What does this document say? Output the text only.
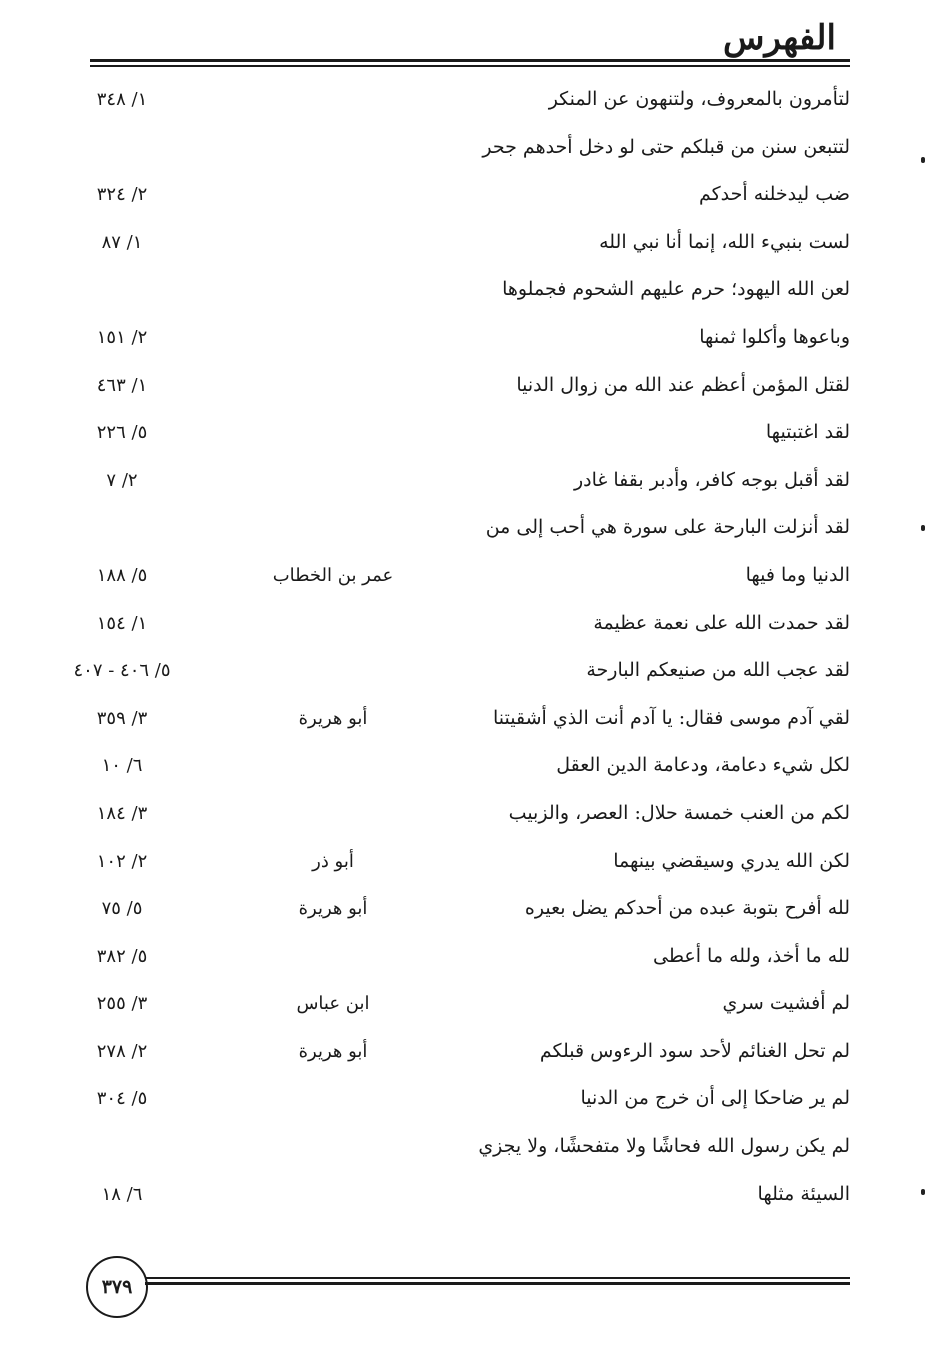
الفهرس
لتأمرون بالمعروف، ولتنهون عن المنكر
١/ ٣٤٨
لتتبعن سنن من قبلكم حتى لو دخل أحدهم جحر
ضب ليدخلنه أحدكم
٢/ ٣٢٤
لست بنبيء الله، إنما أنا نبي الله
١/ ٨٧
لعن الله اليهود؛ حرم عليهم الشحوم فجملوها
وباعوها وأكلوا ثمنها
٢/ ١٥١
لقتل المؤمن أعظم عند الله من زوال الدنيا
١/ ٤٦٣
لقد اغتبتيها
٥/ ٢٢٦
لقد أقبل بوجه كافر، وأدبر بقفا غادر
٢/ ٧
لقد أنزلت البارحة على سورة هي أحب إلى من
الدنيا وما فيها
عمر بن الخطاب
٥/ ١٨٨
لقد حمدت الله على نعمة عظيمة
١/ ١٥٤
لقد عجب الله من صنيعكم البارحة
٥/ ٤٠٦ - ٤٠٧
لقي آدم موسى فقال: يا آدم أنت الذي أشقيتنا
أبو هريرة
٣/ ٣٥٩
لكل شيء دعامة، ودعامة الدين العقل
٦/ ١٠
لكم من العنب خمسة حلال: العصر، والزبيب
٣/ ١٨٤
لكن الله يدري وسيقضي بينهما
أبو ذر
٢/ ١٠٢
لله أفرح بتوبة عبده من أحدكم يضل بعيره
أبو هريرة
٥/ ٧٥
لله ما أخذ، ولله ما أعطى
٥/ ٣٨٢
لم أفشيت سري
ابن عباس
٣/ ٢٥٥
لم تحل الغنائم لأحد سود الرءوس قبلكم
أبو هريرة
٢/ ٢٧٨
لم ير ضاحكا إلى أن خرج من الدنيا
٥/ ٣٠٤
لم يكن رسول الله فحاشًا ولا متفحشًا، ولا يجزي
السيئة مثلها
٦/ ١٨
٣٧٩
